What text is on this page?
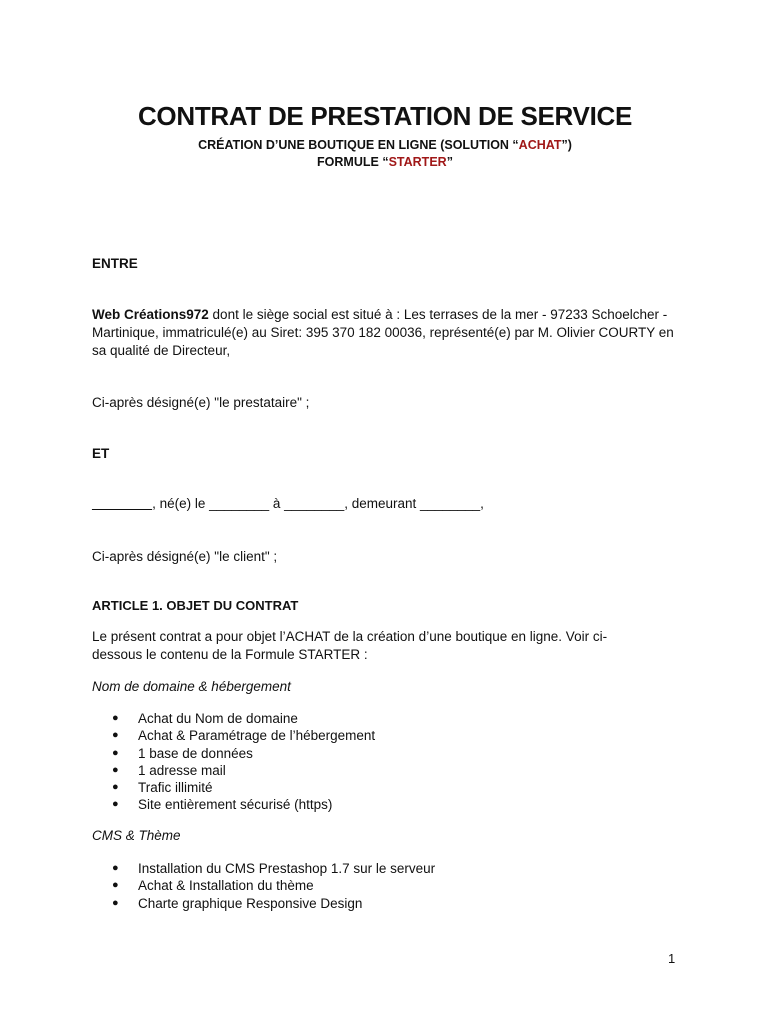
CONTRAT DE PRESTATION DE SERVICE
CRÉATION D’UNE BOUTIQUE EN LIGNE (SOLUTION “ACHAT”)
FORMULE “STARTER”
ENTRE
Web Créations972 dont le siège social est situé à : Les terrases de la mer - 97233 Schoelcher - Martinique, immatriculé(e) au Siret: 395 370 182 00036, représenté(e) par M. Olivier COURTY en sa qualité de Directeur,
Ci-après désigné(e) "le prestataire" ;
ET
________, né(e) le ________ à ________, demeurant ________,
Ci-après désigné(e) "le client" ;
ARTICLE 1. OBJET DU CONTRAT
Le présent contrat a pour objet l’ACHAT de la création d’une boutique en ligne. Voir ci-dessous le contenu de la Formule STARTER :
Nom de domaine & hébergement
● Achat du Nom de domaine
● Achat & Paramétrage de l’hébergement
● 1 base de données
● 1 adresse mail
● Trafic illimité
● Site entièrement sécurisé (https)
CMS & Thème
● Installation du CMS Prestashop 1.7 sur le serveur
● Achat & Installation du thème
● Charte graphique Responsive Design
1
